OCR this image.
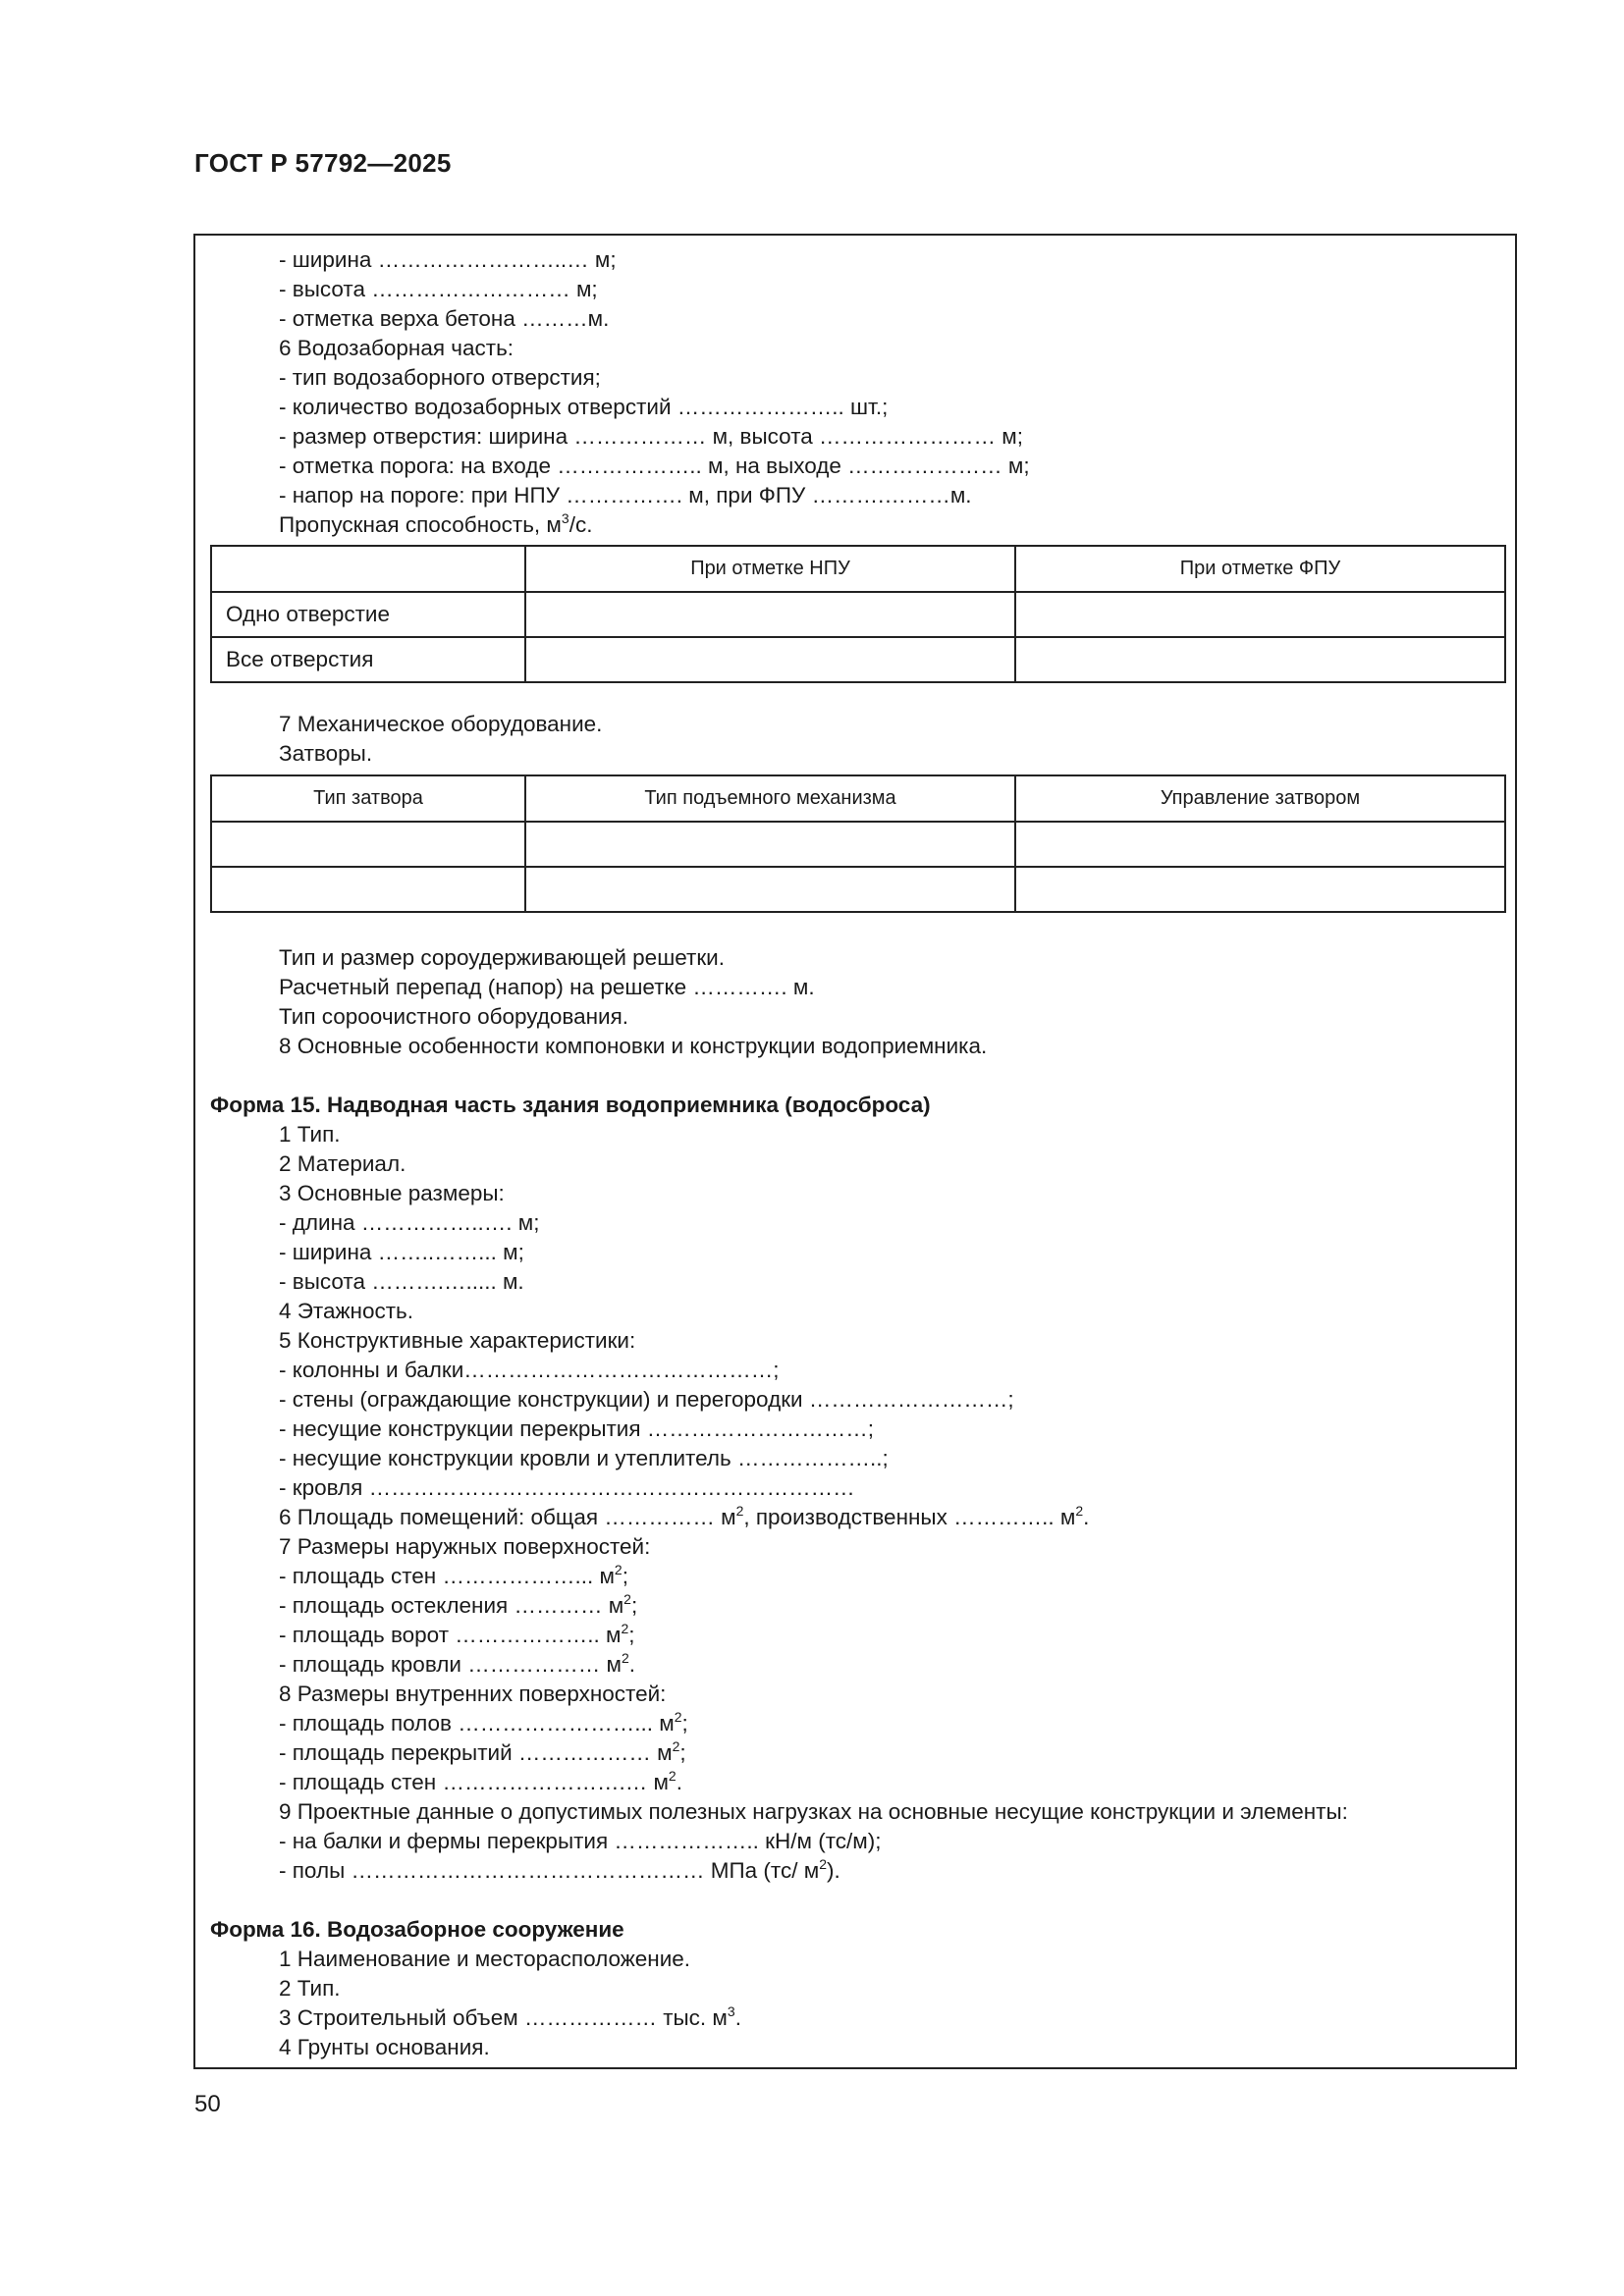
ГОСТ Р 57792—2025
- ширина ……………………..… м;
- высота ……………………… м;
- отметка верха бетона ………м.
6 Водозаборная часть:
- тип водозаборного отверстия;
- количество водозаборных отверстий ………………….. шт.;
- размер отверстия: ширина ……………… м, высота …………………… м;
- отметка порога: на входе ……………….. м, на выходе ………………… м;
- напор на пороге: при НПУ ……………. м, при ФПУ ……….………м.
Пропускная способность, $м^3/с$.
	При отметке НПУ	При отметке ФПУ
Одно отверстие		
Все отверстия		
7 Механическое оборудование.
Затворы.
Тип затвора	Тип подъемного механизма	Управление затвором

Тип и размер сороудерживающей решетки.
Расчетный перепад (напор) на решетке …………. м.
Тип сороочистного оборудования.
8 Основные особенности компоновки и конструкции водоприемника.
Форма 15. Надводная часть здания водоприемника (водосброса)
1 Тип.
2 Материал.
3 Основные размеры:
- длина ……………..…. м;
- ширина ……..……... м;
- высота ……….…..... м.
4 Этажность.
5 Конструктивные характеристики:
- колонны и балки……………………………………;
- стены (ограждающие конструкции) и перегородки ………………………;
- несущие конструкции перекрытия …………………………;
- несущие конструкции кровли и утеплитель ………………..;
- кровля …………………………………………………………
6 Площадь помещений: общая …………… $м^2$, производственных ………….. $м^2$.
7 Размеры наружных поверхностей:
- площадь стен ………………... $м^2$;
- площадь остекления ………… $м^2$;
- площадь ворот ……………….. $м^2$;
- площадь кровли ……………… $м^2$.
8 Размеры внутренних поверхностей:
- площадь полов ……………………... $м^2$;
- площадь перекрытий ……………… $м^2$;
- площадь стен …………………….… $м^2$.
9 Проектные данные о допустимых полезных нагрузках на основные несущие конструкции и элементы:
- на балки и фермы перекрытия ……………….. кН/м (тс/м);
- полы ………………………………………… МПа (тс/ $м^2$).
Форма 16. Водозаборное сооружение
1 Наименование и месторасположение.
2 Тип.
3 Строительный объем ……………… тыс. $м^3$.
4 Грунты основания.
50
